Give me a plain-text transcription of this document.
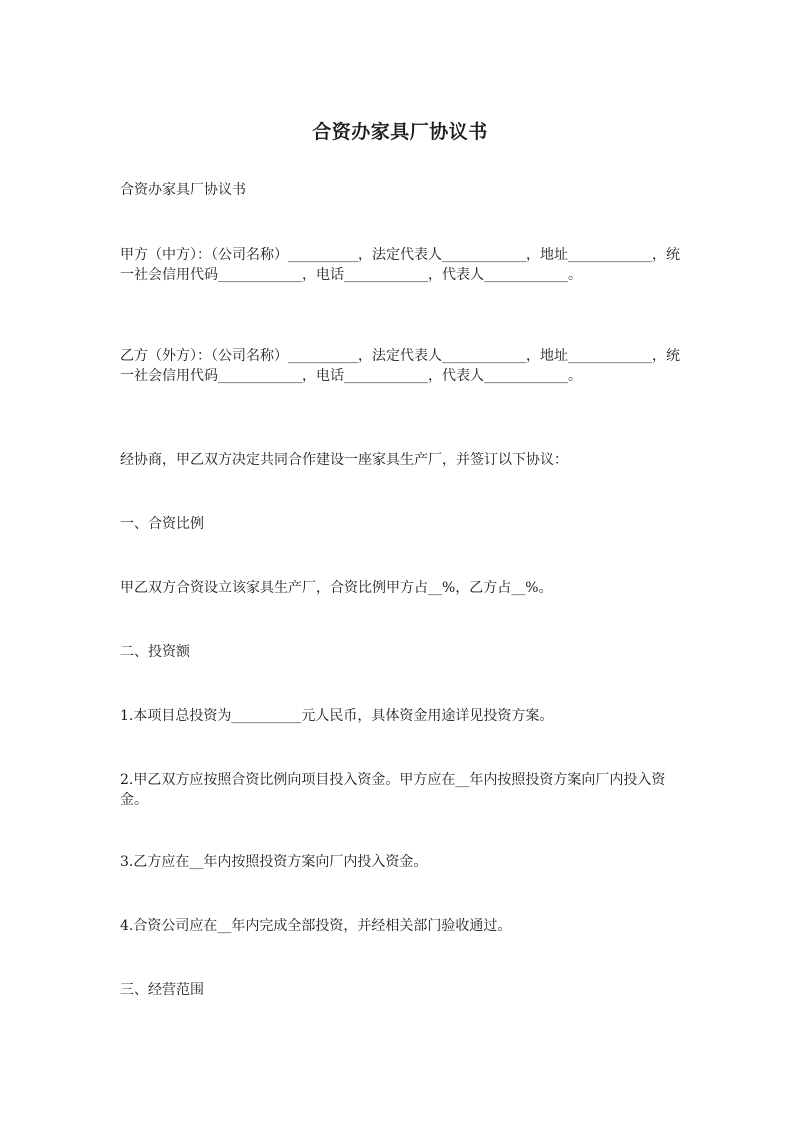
合资办家具厂协议书
合资办家具厂协议书
甲方（中方）：（公司名称）__________，法定代表人____________，地址____________，统一社会信用代码____________，电话____________，代表人____________。
乙方（外方）：（公司名称）__________，法定代表人____________，地址____________，统一社会信用代码____________，电话____________，代表人____________。
经协商，甲乙双方决定共同合作建设一座家具生产厂，并签订以下协议：
一、合资比例
甲乙双方合资设立该家具生产厂，合资比例甲方占__%，乙方占__%。
二、投资额
1.本项目总投资为__________元人民币，具体资金用途详见投资方案。
2.甲乙双方应按照合资比例向项目投入资金。甲方应在__年内按照投资方案向厂内投入资金。
3.乙方应在__年内按照投资方案向厂内投入资金。
4.合资公司应在__年内完成全部投资，并经相关部门验收通过。
三、经营范围
